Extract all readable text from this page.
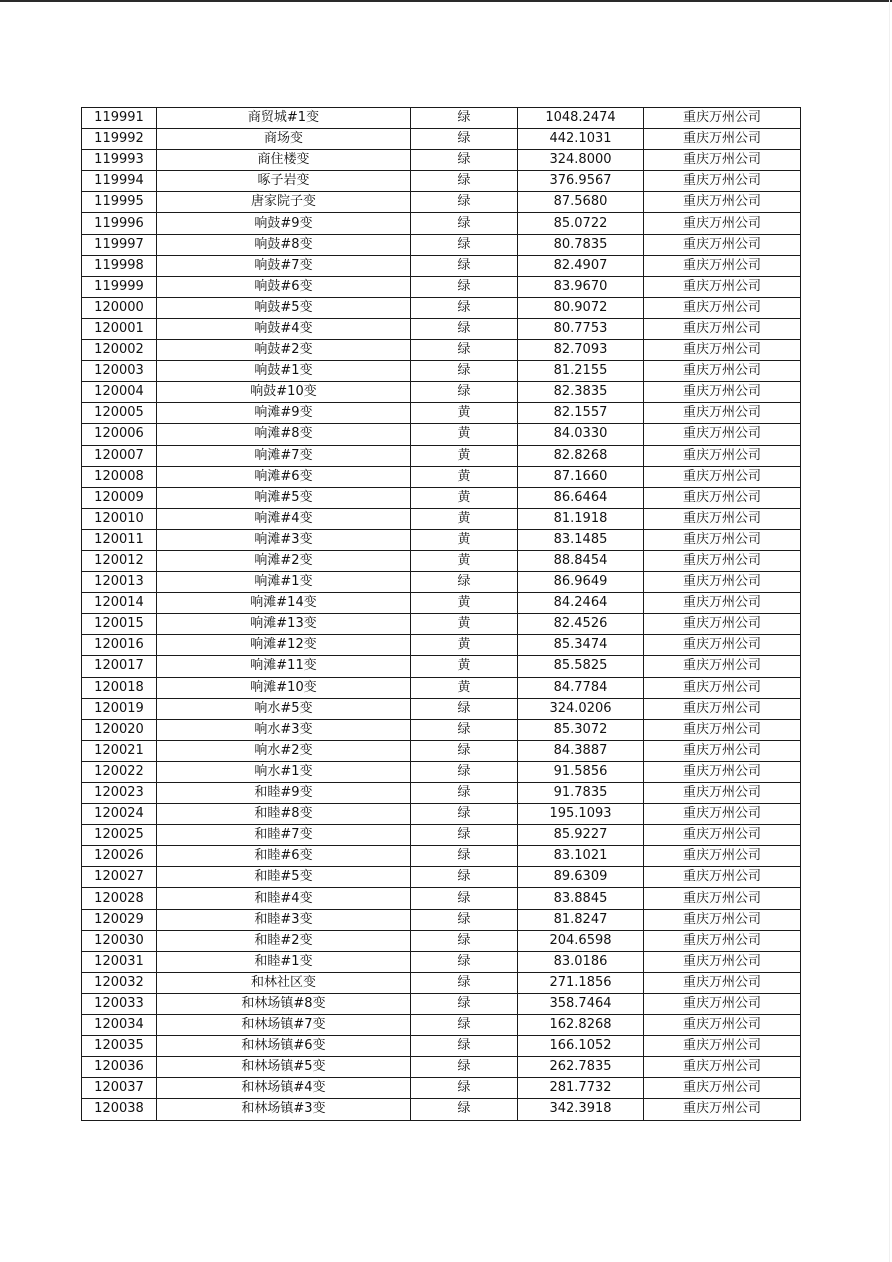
119991	商贸城#1变	绿	1048.2474	重庆万州公司
119992	商场变	绿	442.1031	重庆万州公司
119993	商住楼变	绿	324.8000	重庆万州公司
119994	啄子岩变	绿	376.9567	重庆万州公司
119995	唐家院子变	绿	87.5680	重庆万州公司
119996	响鼓#9变	绿	85.0722	重庆万州公司
119997	响鼓#8变	绿	80.7835	重庆万州公司
119998	响鼓#7变	绿	82.4907	重庆万州公司
119999	响鼓#6变	绿	83.9670	重庆万州公司
120000	响鼓#5变	绿	80.9072	重庆万州公司
120001	响鼓#4变	绿	80.7753	重庆万州公司
120002	响鼓#2变	绿	82.7093	重庆万州公司
120003	响鼓#1变	绿	81.2155	重庆万州公司
120004	响鼓#10变	绿	82.3835	重庆万州公司
120005	响滩#9变	黄	82.1557	重庆万州公司
120006	响滩#8变	黄	84.0330	重庆万州公司
120007	响滩#7变	黄	82.8268	重庆万州公司
120008	响滩#6变	黄	87.1660	重庆万州公司
120009	响滩#5变	黄	86.6464	重庆万州公司
120010	响滩#4变	黄	81.1918	重庆万州公司
120011	响滩#3变	黄	83.1485	重庆万州公司
120012	响滩#2变	黄	88.8454	重庆万州公司
120013	响滩#1变	绿	86.9649	重庆万州公司
120014	响滩#14变	黄	84.2464	重庆万州公司
120015	响滩#13变	黄	82.4526	重庆万州公司
120016	响滩#12变	黄	85.3474	重庆万州公司
120017	响滩#11变	黄	85.5825	重庆万州公司
120018	响滩#10变	黄	84.7784	重庆万州公司
120019	响水#5变	绿	324.0206	重庆万州公司
120020	响水#3变	绿	85.3072	重庆万州公司
120021	响水#2变	绿	84.3887	重庆万州公司
120022	响水#1变	绿	91.5856	重庆万州公司
120023	和睦#9变	绿	91.7835	重庆万州公司
120024	和睦#8变	绿	195.1093	重庆万州公司
120025	和睦#7变	绿	85.9227	重庆万州公司
120026	和睦#6变	绿	83.1021	重庆万州公司
120027	和睦#5变	绿	89.6309	重庆万州公司
120028	和睦#4变	绿	83.8845	重庆万州公司
120029	和睦#3变	绿	81.8247	重庆万州公司
120030	和睦#2变	绿	204.6598	重庆万州公司
120031	和睦#1变	绿	83.0186	重庆万州公司
120032	和林社区变	绿	271.1856	重庆万州公司
120033	和林场镇#8变	绿	358.7464	重庆万州公司
120034	和林场镇#7变	绿	162.8268	重庆万州公司
120035	和林场镇#6变	绿	166.1052	重庆万州公司
120036	和林场镇#5变	绿	262.7835	重庆万州公司
120037	和林场镇#4变	绿	281.7732	重庆万州公司
120038	和林场镇#3变	绿	342.3918	重庆万州公司
